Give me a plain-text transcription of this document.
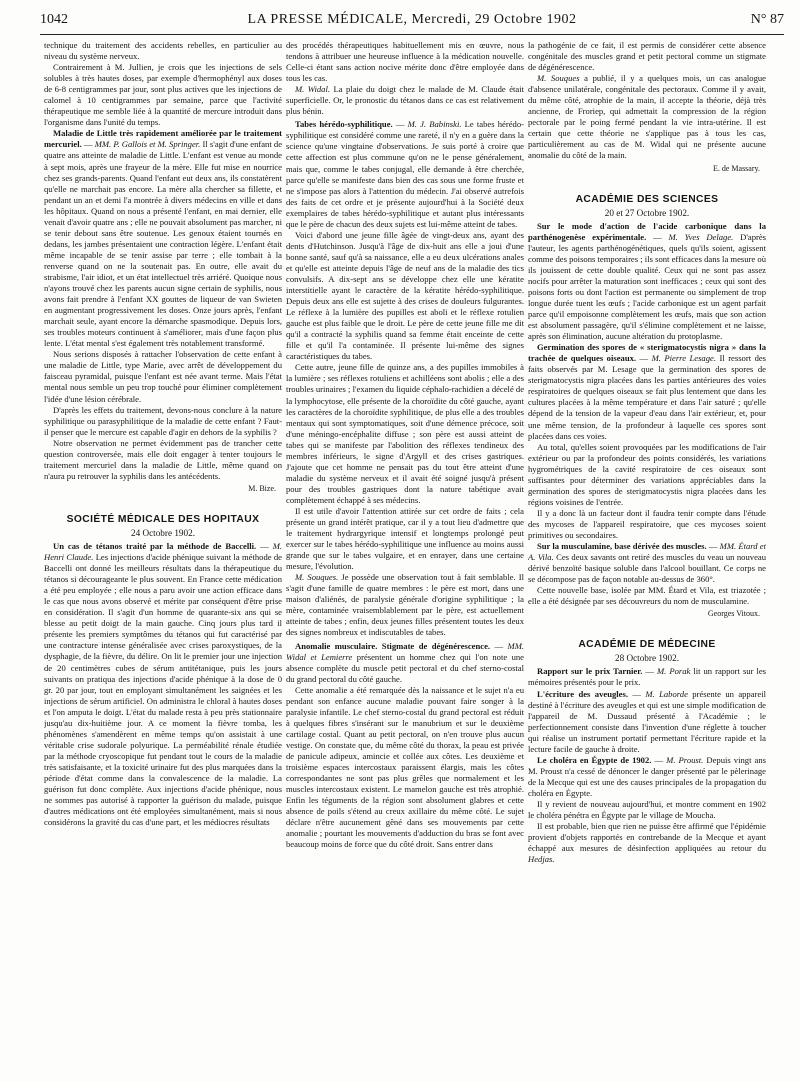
1042	LA PRESSE MÉDICALE, Mercredi, 29 Octobre 1902	N° 87

technique du traitement des accidents rebelles, en particulier au niveau du système nerveux.

Contrairement à M. Jullien, je crois que les injections de sels solubles à très hautes doses, par exemple d'hermophényl aux doses de 6-8 centigrammes par jour, sont plus actives que les injections de calomel à 10 centigrammes par semaine, parce que l'activité thérapeutique me semble liée à la quantité de mercure introduit dans l'organisme dans l'unité du temps.

Maladie de Little très rapidement améliorée par le traitement mercuriel. — MM. P. Gallois et M. Springer. Il s'agit d'une enfant de quatre ans atteinte de maladie de Little. L'enfant est venue au monde à sept mois, après une frayeur de la mère. Elle fut mise en nourrice chez ses grands-parents. Quand l'enfant eut deux ans, ils constatèrent qu'elle ne marchait pas encore. La mère alla chercher sa fillette, et pendant un an et demi l'a montrée à divers médecins en ville et dans les hôpitaux. Quand on nous a présenté l'enfant, en mai dernier, elle venait d'avoir quatre ans ; elle ne pouvait absolument pas marcher, ni se tenir debout sans être soutenue. Les genoux étaient tournés en dedans, les jambes présentaient une contraction légère. L'enfant était même incapable de se tenir assise par terre ; elle tombait à la renverse quand on ne la soutenait pas. En outre, elle avait du strabisme, l'air idiot, et un état intellectuel très arriéré. Quoique nous n'ayons trouvé chez les parents aucun signe certain de syphilis, nous avons fait prendre à l'enfant XX gouttes de liqueur de van Swieten en augmentant progressivement les doses. Onze jours après, l'enfant marchait seule, ayant encore la démarche spasmodique. Depuis lors, ses troubles moteurs continuent à s'améliorer, mais d'une façon plus lente. L'état mental s'est également très notablement transformé.

Nous serions disposés à rattacher l'observation de cette enfant à une maladie de Little, type Marie, avec arrêt de développement du faisceau pyramidal, puisque l'enfant est née avant terme. Mais l'état mental nous semble un peu trop touché pour éliminer complètement l'idée d'une lésion cérébrale.

D'après les effets du traitement, devons-nous conclure à la nature syphilitique ou parasyphilitique de la maladie de cette enfant ? Faut-il penser que le mercure est capable d'agir en dehors de la syphilis ?

Notre observation ne permet évidemment pas de trancher cette question controversée, mais elle doit engager à tenter toujours le traitement mercuriel dans la maladie de Little, même quand on n'aura pu retrouver la syphilis dans les antécédents.

M. Bize.

SOCIÉTÉ MÉDICALE DES HOPITAUX
24 Octobre 1902.

Un cas de tétanos traité par la méthode de Baccelli. — M. Henri Claude. Les injections d'acide phénique suivant la méthode de Baccelli ont donné les meilleurs résultats dans la thérapeutique du tétanos si décourageante le plus souvent. En France cette médication a été peu employée ; elle nous a paru avoir une action efficace dans le cas que nous avons observé et mérite par conséquent d'être prise en considération. Il s'agit d'un homme de quarante-six ans qui se blesse au petit doigt de la main gauche. Cinq jours plus tard il présente les premiers symptômes du tétanos qui fut caractérisé par une contracture intense généralisée avec crises paroxystiques, de la dysphagie, de la fièvre, du délire. On lit le premier jour une injection de 20 centimètres cubes de sérum antitétanique, puis les jours suivants on pratiqua des injections d'acide phénique à la dose de 0 gr. 20 par jour, tout en employant simultanément les saignées et les injections de sérum artificiel. On administra le chloral à hautes doses et l'on amputa le doigt. L'état du malade resta à peu près stationnaire jusqu'au dix-huitième jour. A ce moment la fièvre tomba, les phénomènes s'amendèrent en même temps qu'on assistait à une véritable crise sudorale polyurique. La perméabilité rénale étudiée par la méthode cryoscopique fut pendant tout le cours de la maladie très satisfaisante, et la toxicité urinaire fut des plus marquées dans la période d'état comme dans la convalescence de la maladie. La guérison fut donc complète. Aux injections d'acide phénique, nous ne sommes pas autorisé à rapporter la guérison du malade, puisque d'autres médications ont été employées simultanément, mais si nous considérons la gravité du cas d'une part, et les médiocres résultats

des procédés thérapeutiques habituellement mis en œuvre, nous tendons à attribuer une heureuse influence à la médication nouvelle. Celle-ci étant sans action nocive mérite donc d'être employée dans tous les cas.

M. Widal. La plaie du doigt chez le malade de M. Claude était superficielle. Or, le pronostic du tétanos dans ce cas est relativement plus bénin.

Tabes hérédo-syphilitique. — M. J. Babinski. Le tabes hérédo-syphilitique est considéré comme une rareté, il n'y en a guère dans la science qu'une vingtaine d'observations. Je suis porté à croire que cette affection est plus commune qu'on ne le pense généralement, mais que, comme le tabes conjugal, elle demande à être cherchée, parce qu'elle se manifeste dans bien des cas sous une forme fruste et ne s'impose pas alors à l'attention du médecin. J'ai observé autrefois des faits de cet ordre et je présente aujourd'hui à la Société deux exemplaires de tabes hérédo-syphilitique et autant plus intéressants que le père de chacun des deux sujets est lui-même atteint de tabes.

Voici d'abord une jeune fille âgée de vingt-deux ans, ayant des dents d'Hutchinson. Jusqu'à l'âge de dix-huit ans elle a joui d'une bonne santé, sauf qu'à sa naissance, elle a eu deux ulcérations anales et qu'elle est atteinte depuis l'âge de neuf ans de la maladie des tics convulsifs. A dix-sept ans se développe chez elle une kératite interstitielle ayant le caractère de la kératite hérédo-syphilitique. Depuis deux ans elle est sujette à des crises de douleurs fulgurantes. Le réflexe à la lumière des pupilles est aboli et le réflexe rotulien gauche est plus faible que le droit. Le père de cette jeune fille me dit qu'il a contracté la syphilis quand sa femme était enceinte de cette fille et qu'il l'a contaminée. Il présente lui-même des signes caractéristiques du tabes.

Cette autre, jeune fille de quinze ans, a des pupilles immobiles à la lumière ; ses réflexes rotuliens et achilléens sont abolis ; elle a des troubles urinaires ; l'examen du liquide céphalo-rachidien a décelé de la lymphocytose, elle présente de la choroïdite du côté gauche, ayant les caractères de la choroïdite syphilitique, de plus elle a des troubles mentaux qui sont symptomatiques, soit d'une démence précoce, soit d'une méningo-encéphalite diffuse ; son père est aussi atteint de tabes qui se manifeste par l'abolition des réflexes tendineux des membres inférieurs, le signe d'Argyll et des crises gastriques. J'ajoute que cet homme ne pensait pas du tout être atteint d'une maladie du système nerveux et il avait été soigné jusqu'à présent pour des troubles gastriques dont la nature tabétique avait complètement échappé à ses médecins.

Il est utile d'avoir l'attention attirée sur cet ordre de faits ; cela présente un grand intérêt pratique, car il y a tout lieu d'admettre que le traitement hydrargyrique intensif et longtemps prolongé peut exercer sur le tabes hérédo-syphilitique une influence au moins aussi grande que sur le tabes vulgaire, et en enrayer, dans une certaine mesure, l'évolution.

M. Souques. Je possède une observation tout à fait semblable. Il s'agit d'une famille de quatre membres : le père est mort, dans une maison d'aliénés, de paralysie générale d'origine syphilitique ; la mère, contaminée vraisemblablement par le père, est actuellement atteinte de tabes ; enfin, deux jeunes filles présentent toutes les deux des signes nombreux et indiscutables de tabes.

Anomalie musculaire. Stigmate de dégénérescence. — MM. Widal et Lemierre présentent un homme chez qui l'on note une absence complète du muscle petit pectoral et du chef sterno-costal du grand pectoral du côté gauche.

Cette anomalie a été remarquée dès la naissance et le sujet n'a eu pendant son enfance aucune maladie pouvant faire songer à la paralysie infantile. Le chef sterno-costal du grand pectoral est réduit à quelques fibres s'insérant sur le manubrium et sur le deuxième cartilage costal. Quant au petit pectoral, on n'en trouve plus aucun vestige. On constate que, du même côté du thorax, la peau est privée de panicule adipeux, amincie et collée aux côtes. Les deuxième et troisième espaces intercostaux paraissent élargis, mais les côtes correspondantes ne sont pas plus grêles que normalement et les muscles intercostaux existent. Le mamelon gauche est très atrophié. Enfin les téguments de la région sont absolument glabres et cette absence de poils s'étend au creux axillaire du même côté. Le sujet déclare n'être aucunement gêné dans ses mouvements par cette anomalie ; pourtant les mouvements d'adduction du bras se font avec beaucoup moins de force que du côté droit. Sans entrer dans

la pathogénie de ce fait, il est permis de considérer cette absence congénitale des muscles grand et petit pectoral comme un stigmate de dégénérescence.

M. Souques a publié, il y a quelques mois, un cas analogue d'absence unilatérale, congénitale des pectoraux. Comme il y avait, du même côté, atrophie de la main, il accepte la théorie, déjà très ancienne, de Froriep, qui admettait la compression de la région pectorale par le poing fermé pendant la vie intra-utérine. Il est certain que cette théorie ne s'applique pas à tous les cas, particulièrement au cas de M. Widal qui ne présente aucune anomalie du côté de la main.

E. de Massary.

ACADÉMIE DES SCIENCES
20 et 27 Octobre 1902.

Sur le mode d'action de l'acide carbonique dans la parthénogenèse expérimentale. — M. Yves Delage. D'après l'auteur, les agents parthénogénétiques, quels qu'ils soient, agissent comme des poisons temporaires ; ils sont efficaces dans la mesure où ils jouissent de cette double qualité. Ceux qui ne sont pas assez nocifs pour arrêter la maturation sont inefficaces ; ceux qui sont des poisons forts ou dont l'action est permanente ou simplement de trop longue durée tuent les œufs ; l'acide carbonique est un agent parfait parce qu'il empoisonne complètement les œufs, mais que son action est absolument passagère, qu'il s'élimine complètement et ne laisse, après son élimination, aucune altération du protoplasme.

Germination des spores de « sterigmatocystis nigra » dans la trachée de quelques oiseaux. — M. Pierre Lesage. Il ressort des faits observés par M. Lesage que la germination des spores de sterigmatocystis nigra placées dans les parties antérieures des voies respiratoires de quelques oiseaux se fait plus lentement que dans les cultures placées à la même température et dans l'air saturé ; qu'elle dépend de la tension de la vapeur d'eau dans l'air extérieur, et, pour une même tension, de la profondeur à laquelle ces spores sont placées dans ces voies.

Au total, qu'elles soient provoquées par les modifications de l'air extérieur ou par la profondeur des points considérés, les variations hygrométriques de la cavité respiratoire de ces oiseaux sont suffisantes pour déterminer des variations appréciables dans la germination des spores de sterigmatocystis nigra placées dans les régions voisines de l'entrée.

Il y a donc là un facteur dont il faudra tenir compte dans l'étude des mycoses de l'appareil respiratoire, que ces mycoses soient primitives ou secondaires.

Sur la musculamine, base dérivée des muscles. — MM. Étard et A. Vila. Ces deux savants ont retiré des muscles du veau un nouveau dérivé benzoïté basique soluble dans l'alcool bouillant. Ce corps ne se décompose pas de façon notable au-dessus de 360°.

Cette nouvelle base, isolée par MM. Étard et Vila, est triazotée ; elle a été désignée par ses découvreurs du nom de musculamine.

Georges Vitoux.

ACADÉMIE DE MÉDECINE
28 Octobre 1902.

Rapport sur le prix Tarnier. — M. Porak lit un rapport sur les mémoires présentés pour le prix.

L'écriture des aveugles. — M. Laborde présente un appareil destiné à l'écriture des aveugles et qui est une simple modification de l'appareil de M. Dussaud présenté à l'Académie ; le perfectionnement consiste dans l'invention d'une réglette à toucher qui réalise un instrument portatif permettant l'écriture rapide et la lecture facile de gauche à droite.

Le choléra en Égypte de 1902. — M. Proust. Depuis vingt ans M. Proust n'a cessé de dénoncer le danger présenté par le pèlerinage de la Mecque qui est une des causes principales de la propagation du choléra en Égypte.

Il y revient de nouveau aujourd'hui, et montre comment en 1902 le choléra pénétra en Égypte par le village de Moucha.

Il est probable, bien que rien ne puisse être affirmé que l'épidémie provient d'objets rapportés en contrebande de la Mecque et ayant échappé aux mesures de désinfection appliquées au retour du Hedjas.
